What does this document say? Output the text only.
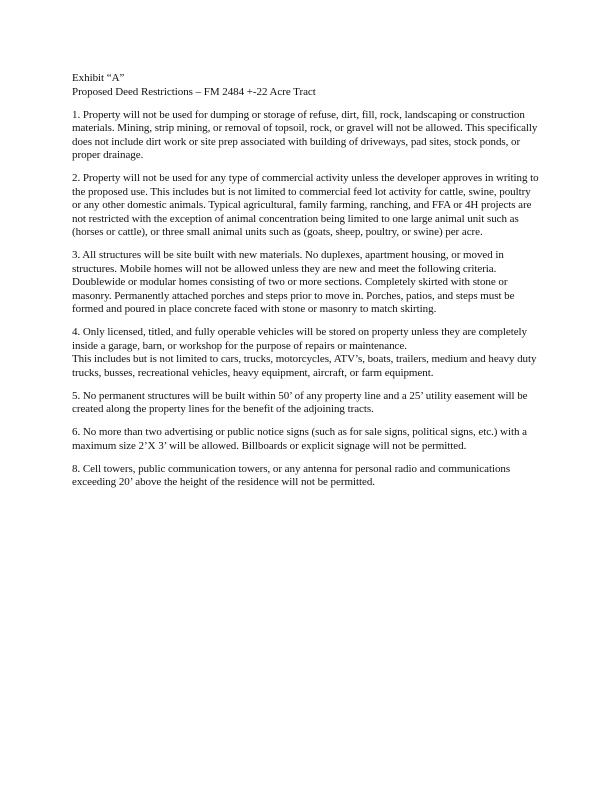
Exhibit “A”

Proposed Deed Restrictions – FM 2484 +-22 Acre Tract

1. Property will not be used for dumping or storage of refuse, dirt, fill, rock, landscaping or construction materials. Mining, strip mining, or removal of topsoil, rock, or gravel will not be allowed. This specifically does not include dirt work or site prep associated with building of driveways, pad sites, stock ponds, or proper drainage.

2. Property will not be used for any type of commercial activity unless the developer approves in writing to the proposed use. This includes but is not limited to commercial feed lot activity for cattle, swine, poultry or any other domestic animals. Typical agricultural, family farming, ranching, and FFA or 4H projects are not restricted with the exception of animal concentration being limited to one large animal unit such as (horses or cattle), or three small animal units such as (goats, sheep, poultry, or swine) per acre.

3. All structures will be site built with new materials. No duplexes, apartment housing, or moved in structures. Mobile homes will not be allowed unless they are new and meet the following criteria. Doublewide or modular homes consisting of two or more sections. Completely skirted with stone or masonry. Permanently attached porches and steps prior to move in. Porches, patios, and steps must be formed and poured in place concrete faced with stone or masonry to match skirting.

4. Only licensed, titled, and fully operable vehicles will be stored on property unless they are completely inside a garage, barn, or workshop for the purpose of repairs or maintenance.

This includes but is not limited to cars, trucks, motorcycles, ATV’s, boats, trailers, medium and heavy duty trucks, busses, recreational vehicles, heavy equipment, aircraft, or farm equipment.

5. No permanent structures will be built within 50’ of any property line and a 25’ utility easement will be created along the property lines for the benefit of the adjoining tracts.

6. No more than two advertising or public notice signs (such as for sale signs, political signs, etc.) with a maximum size 2’X 3’ will be allowed. Billboards or explicit signage will not be permitted.

8. Cell towers, public communication towers, or any antenna for personal radio and communications exceeding 20’ above the height of the residence will not be permitted.
